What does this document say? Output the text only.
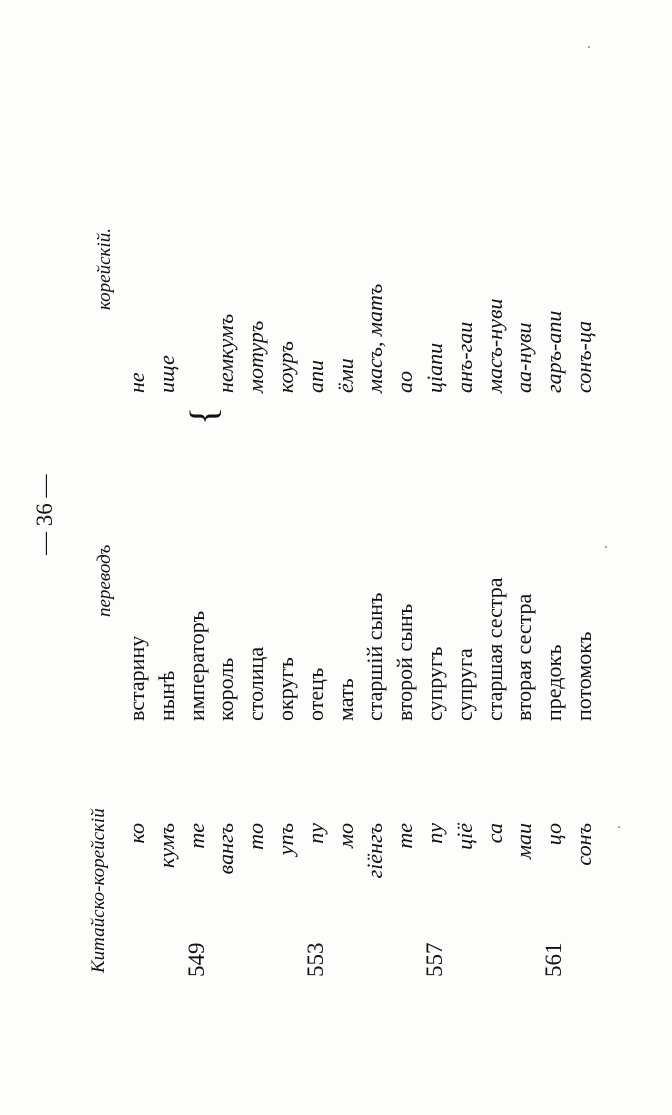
— 36 —
Китайско-корейскій
переводъ
корейскій.
ко
встарину
не
кумъ
нынѣ
ище
549
те
императоръ
вангъ
король
немкумъ
то
столица
мотуръ
упъ
округъ
коуръ
553
пу
отецъ
апи
мо
мать
ёми
гіёнгъ
старшій сынъ
масъ, матъ
те
второй сынъ
ао
557
пу
супругъ
цiапи
ціё
супруга
анъ-гаи
са
старшая сестра
масъ-нуви
маи
вторая сестра
аа-нуви
561
цо
предокъ
гаръ-апи
сонъ
потомокъ
сонъ-ца
{
